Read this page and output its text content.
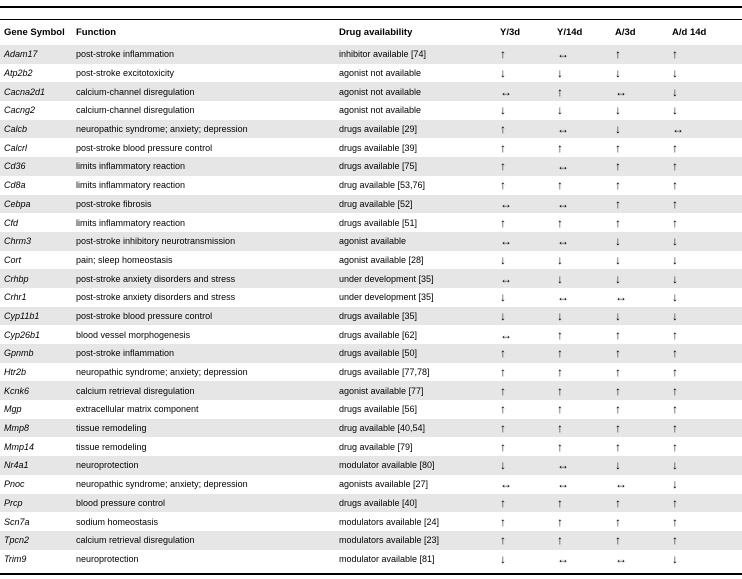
Gene Symbol	Function	Drug availability	Y/3d	Y/14d	A/3d	A/d 14d
Adam17	post-stroke inflammation	inhibitor available [74]	↑	↔	↑	↑
Atp2b2	post-stroke excitotoxicity	agonist not available	↓	↓	↓	↓
Cacna2d1	calcium-channel disregulation	agonist not available	↔	↑	↔	↓
Cacng2	calcium-channel disregulation	agonist not available	↓	↓	↓	↓
Calcb	neuropathic syndrome; anxiety; depression	drugs available [29]	↑	↔	↓	↔
Calcrl	post-stroke blood pressure control	drugs available [39]	↑	↑	↑	↑
Cd36	limits inflammatory reaction	drugs available [75]	↑	↔	↑	↑
Cd8a	limits inflammatory reaction	drug available [53,76]	↑	↑	↑	↑
Cebpa	post-stroke fibrosis	drug available [52]	↔	↔	↑	↑
Cfd	limits inflammatory reaction	drugs available [51]	↑	↑	↑	↑
Chrm3	post-stroke inhibitory neurotransmission	agonist available	↔	↔	↓	↓
Cort	pain; sleep homeostasis	agonist available [28]	↓	↓	↓	↓
Crhbp	post-stroke anxiety disorders and stress	under development [35]	↔	↓	↓	↓
Crhr1	post-stroke anxiety disorders and stress	under development [35]	↓	↔	↔	↓
Cyp11b1	post-stroke blood pressure control	drugs available [35]	↓	↓	↓	↓
Cyp26b1	blood vessel morphogenesis	drugs available [62]	↔	↑	↑	↑
Gpnmb	post-stroke inflammation	drugs available [50]	↑	↑	↑	↑
Htr2b	neuropathic syndrome; anxiety; depression	drugs available [77,78]	↑	↑	↑	↑
Kcnk6	calcium retrieval disregulation	agonist available [77]	↑	↑	↑	↑
Mgp	extracellular matrix component	drugs available [56]	↑	↑	↑	↑
Mmp8	tissue remodeling	drug available [40,54]	↑	↑	↑	↑
Mmp14	tissue remodeling	drug available [79]	↑	↑	↑	↑
Nr4a1	neuroprotection	modulator available [80]	↓	↔	↓	↓
Pnoc	neuropathic syndrome; anxiety; depression	agonists available [27]	↔	↔	↔	↓
Prcp	blood pressure control	drugs available [40]	↑	↑	↑	↑
Scn7a	sodium homeostasis	modulators available [24]	↑	↑	↑	↑
Tpcn2	calcium retrieval disregulation	modulators available [23]	↑	↑	↑	↑
Trim9	neuroprotection	modulator available [81]	↓	↔	↔	↓
